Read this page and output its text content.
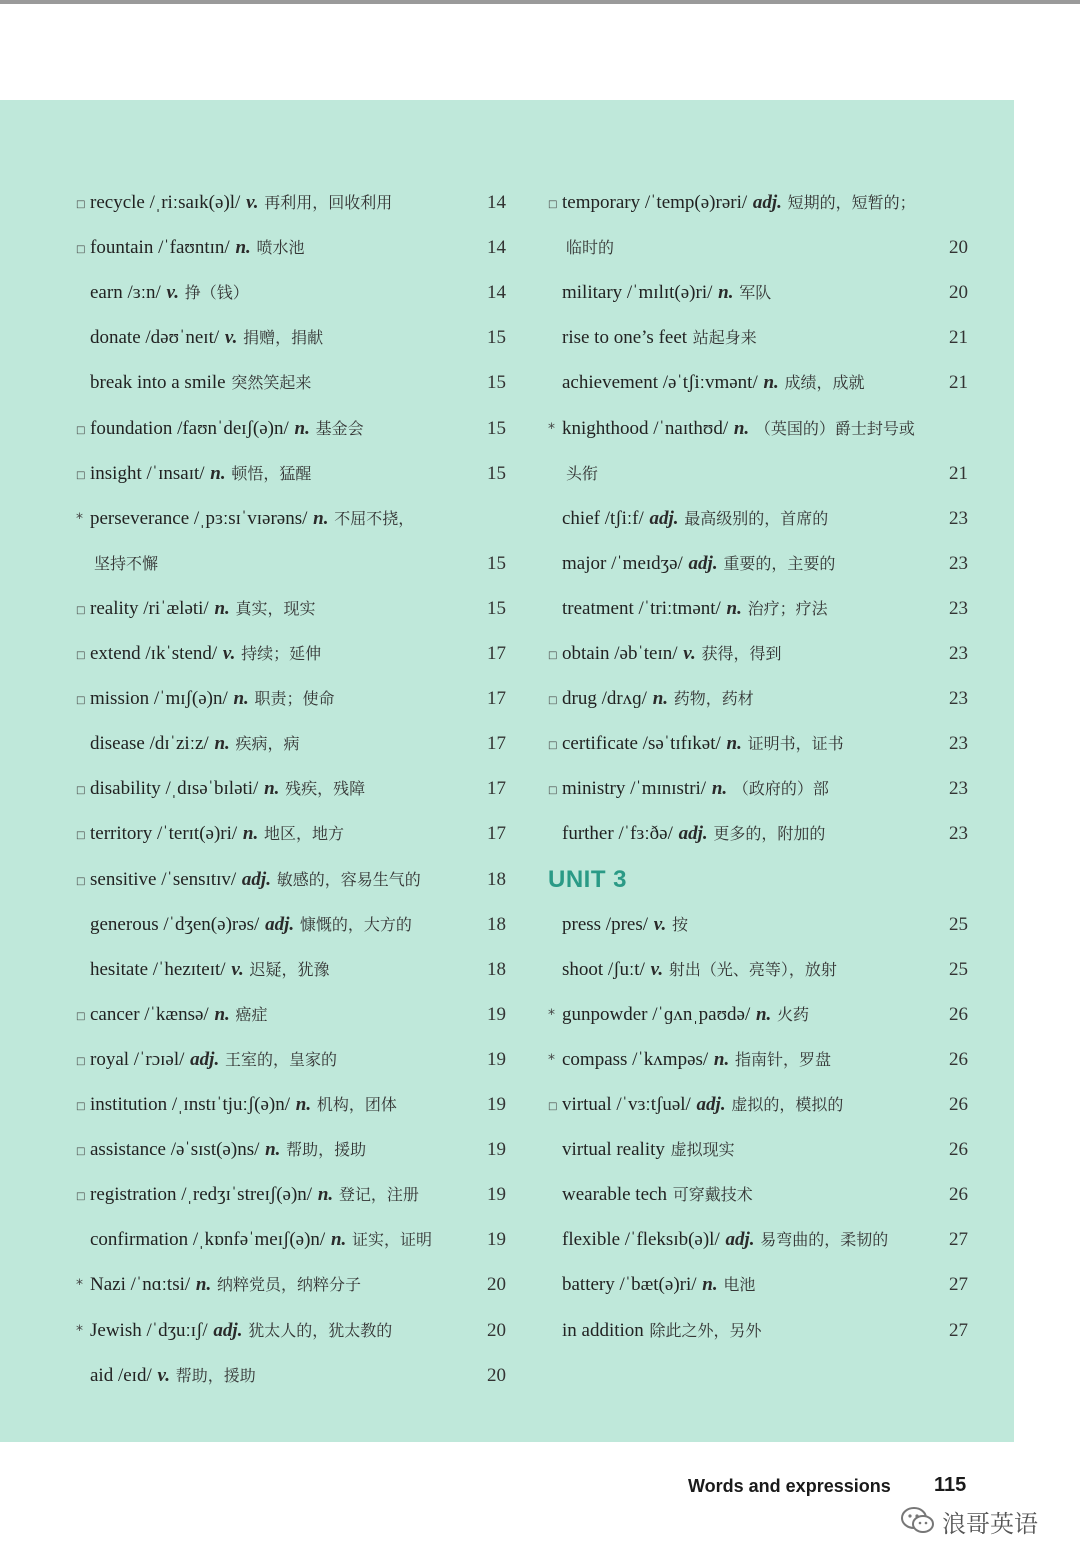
□recycle /ˌriːsaɪk(ə)l/ v. 再利用，回收利用	14
□fountain /ˈfaʊntɪn/ n. 喷水池	14
earn /ɜːn/ v. 挣（钱）	14
donate /dəʊˈneɪt/ v. 捐赠，捐献	15
break into a smile 突然笑起来	15
□foundation /faʊnˈdeɪʃ(ə)n/ n. 基金会	15
□insight /ˈɪnsaɪt/ n. 顿悟，猛醒	15
*perseverance /ˌpɜːsɪˈvɪərəns/ n. 不屈不挠，
坚持不懈	15
□reality /riˈæləti/ n. 真实，现实	15
□extend /ɪkˈstend/ v. 持续；延伸	17
□mission /ˈmɪʃ(ə)n/ n. 职责；使命	17
disease /dɪˈziːz/ n. 疾病，病	17
□disability /ˌdɪsəˈbɪləti/ n. 残疾，残障	17
□territory /ˈterɪt(ə)ri/ n. 地区，地方	17
□sensitive /ˈsensɪtɪv/ adj. 敏感的，容易生气的	18
generous /ˈdʒen(ə)rəs/ adj. 慷慨的，大方的	18
hesitate /ˈhezɪteɪt/ v. 迟疑，犹豫	18
□cancer /ˈkænsə/ n. 癌症	19
□royal /ˈrɔɪəl/ adj. 王室的，皇家的	19
□institution /ˌɪnstɪˈtjuːʃ(ə)n/ n. 机构，团体	19
□assistance /əˈsɪst(ə)ns/ n. 帮助，援助	19
□registration /ˌredʒɪˈstreɪʃ(ə)n/ n. 登记，注册	19
confirmation /ˌkɒnfəˈmeɪʃ(ə)n/ n. 证实，证明	19
*Nazi /ˈnɑːtsi/ n. 纳粹党员，纳粹分子	20
*Jewish /ˈdʒuːɪʃ/ adj. 犹太人的，犹太教的	20
aid /eɪd/ v. 帮助，援助	20
□temporary /ˈtemp(ə)rəri/ adj. 短期的，短暂的；
临时的	20
military /ˈmɪlɪt(ə)ri/ n. 军队	20
rise to one’s feet 站起身来	21
achievement /əˈtʃiːvmənt/ n. 成绩，成就	21
*knighthood /ˈnaɪthʊd/ n. （英国的）爵士封号或
头衔	21
chief /tʃiːf/ adj. 最高级别的，首席的	23
major /ˈmeɪdʒə/ adj. 重要的，主要的	23
treatment /ˈtriːtmənt/ n. 治疗；疗法	23
□obtain /əbˈteɪn/ v. 获得，得到	23
□drug /drʌɡ/ n. 药物，药材	23
□certificate /səˈtɪfɪkət/ n. 证明书，证书	23
□ministry /ˈmɪnɪstri/ n. （政府的）部	23
further /ˈfɜːðə/ adj. 更多的，附加的	23
UNIT 3
press /pres/ v. 按	25
shoot /ʃuːt/ v. 射出（光、亮等），放射	25
*gunpowder /ˈɡʌnˌpaʊdə/ n. 火药	26
*compass /ˈkʌmpəs/ n. 指南针，罗盘	26
□virtual /ˈvɜːtʃuəl/ adj. 虚拟的，模拟的	26
virtual reality 虚拟现实	26
wearable tech 可穿戴技术	26
flexible /ˈfleksɪb(ə)l/ adj. 易弯曲的，柔韧的	27
battery /ˈbæt(ə)ri/ n. 电池	27
in addition 除此之外，另外	27
Words and expressions 115
浪哥英语
